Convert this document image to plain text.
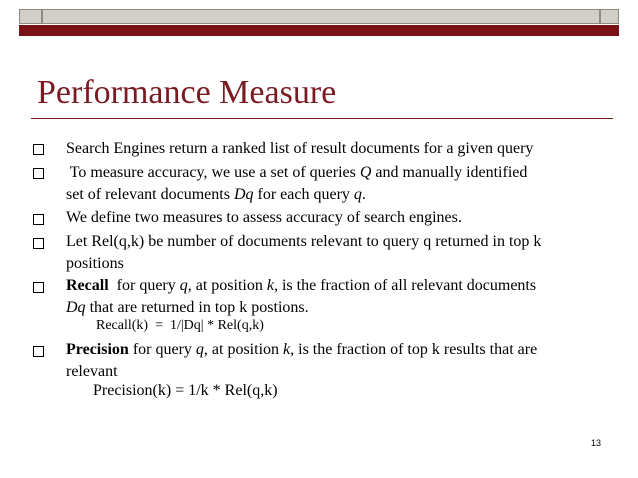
Performance Measure
Search Engines return a ranked list of result documents for a given query
To measure accuracy, we use a set of queries Q and manually identified
set of relevant documents Dq for each query q.
We define two measures to assess accuracy of search engines.
Let Rel(q,k) be number of documents relevant to query q returned in top k
positions
Recall  for query q, at position k, is the fraction of all relevant documents
Dq that are returned in top k postions.
Recall(k)  =  1/|Dq| * Rel(q,k)
Precision for query q, at position k, is the fraction of top k results that are
relevant
Precision(k) = 1/k * Rel(q,k)
13
